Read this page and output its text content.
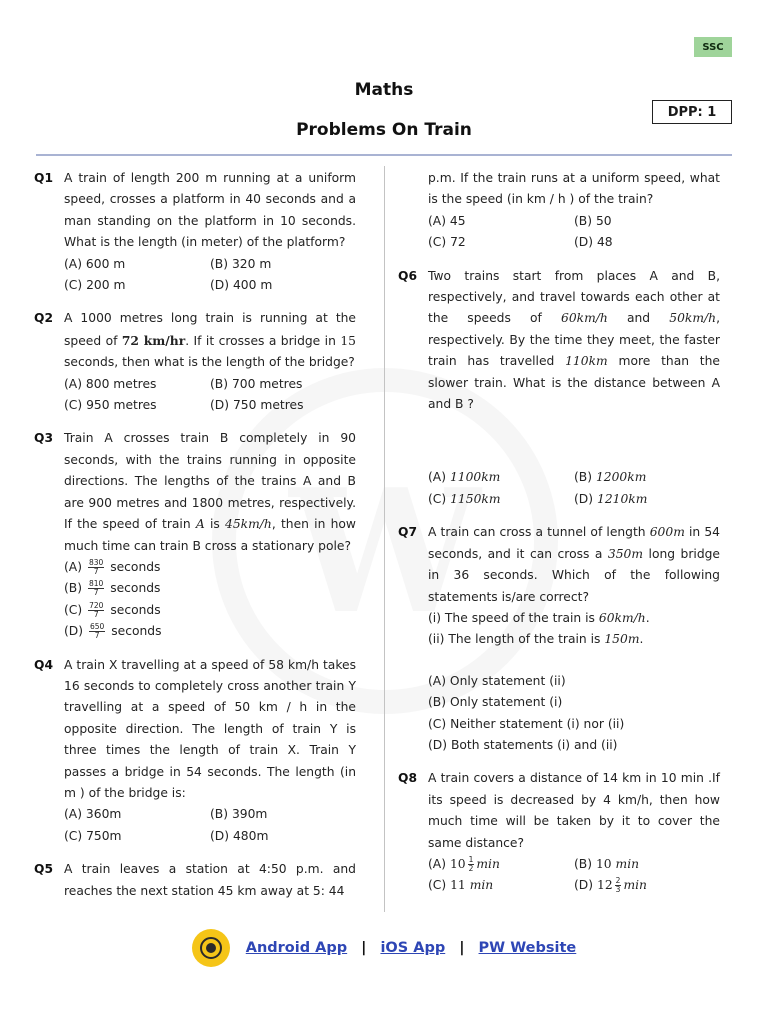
SSC
Maths
Problems On Train
DPP: 1
Q1 A train of length 200 m running at a uniform speed, crosses a platform in 40 seconds and a man standing on the platform in 10 seconds. What is the length (in meter) of the platform?
(A) 600 m	(B) 320 m
(C) 200 m	(D) 400 m
Q2 A 1000 metres long train is running at the speed of 72 km/hr. If it crosses a bridge in 15 seconds, then what is the length of the bridge?
(A) 800 metres	(B) 700 metres
(C) 950 metres	(D) 750 metres
Q3 Train A crosses train B completely in 90 seconds, with the trains running in opposite directions. The lengths of the trains A and B are 900 metres and 1800 metres, respectively. If the speed of train A is 45km/h, then in how much time can train B cross a stationary pole?
$(A) \frac{830}{7}$ seconds
$(B) \frac{810}{7}$ seconds
$(C) \frac{720}{7}$ seconds
$(D) \frac{650}{7}$ seconds
Q4 A train X travelling at a speed of 58 km/h takes 16 seconds to completely cross another train Y travelling at a speed of 50 km / h in the opposite direction. The length of train Y is three times the length of train X. Train Y passes a bridge in 54 seconds. The length (in m ) of the bridge is:
(A) 360m	(B) 390m
(C) 750m	(D) 480m
Q5 A train leaves a station at 4:50 p.m. and reaches the next station 45 km away at 5: 44
p.m. If the train runs at a uniform speed, what is the speed (in km / h ) of the train?
(A) 45	(B) 50
(C) 72	(D) 48
Q6 Two trains start from places A and B, respectively, and travel towards each other at the speeds of 60km/h and 50km/h, respectively. By the time they meet, the faster train has travelled 110km more than the slower train. What is the distance between A and B ?
(A) 1100km	(B) 1200km
(C) 1150km	(D) 1210km
Q7 A train can cross a tunnel of length 600m in 54 seconds, and it can cross a 350m long bridge in 36 seconds. Which of the following statements is/are correct?
(i) The speed of the train is 60km/h.
(ii) The length of the train is 150m.
(A) Only statement (ii)
(B) Only statement (i)
(C) Neither statement (i) nor (ii)
(D) Both statements (i) and (ii)
Q8 A train covers a distance of 14 km in 10 min .If its speed is decreased by 4 km/h, then how much time will be taken by it to cover the same distance?
(A) $10 \frac{1}{2}$ min	(B) 10 min
(C) 11 min	(D) $12 \frac{2}{3}$ min
Android App | iOS App | PW Website
